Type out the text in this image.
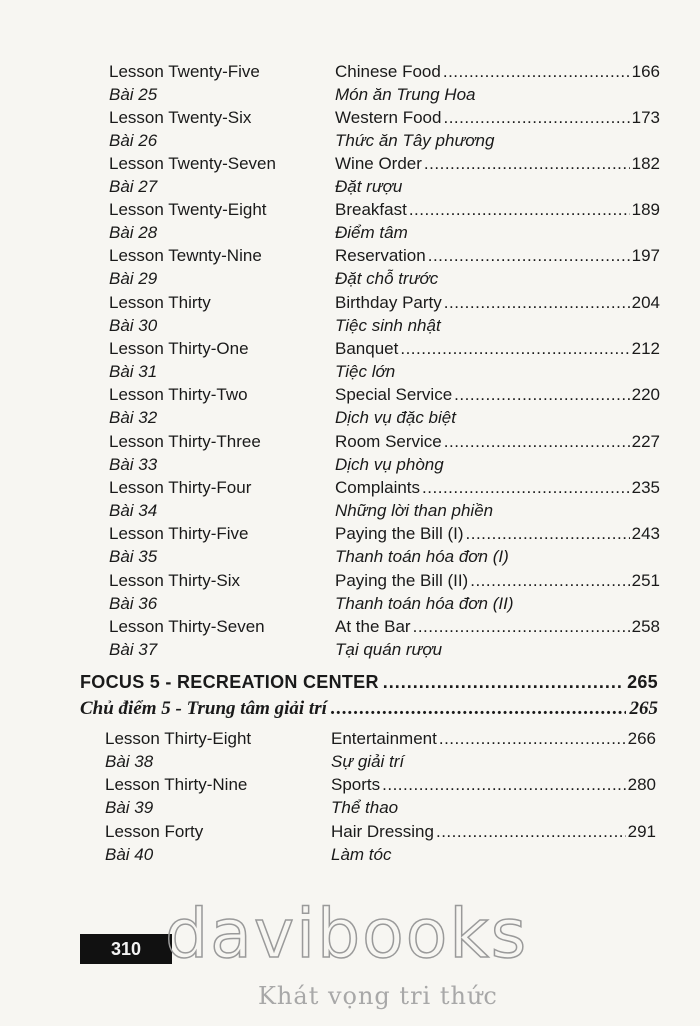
Lesson Twenty-Five	Chinese Food .....	166
Bài 25	Món ăn Trung Hoa
Lesson Twenty-Six	Western Food .....	173
Bài 26	Thức ăn Tây phương
Lesson Twenty-Seven	Wine Order .....	182
Bài 27	Đặt rượu
Lesson Twenty-Eight	Breakfast .....	189
Bài 28	Điểm tâm
Lesson Tewnty-Nine	Reservation .....	197
Bài 29	Đặt chỗ trước
Lesson Thirty	Birthday Party .....	204
Bài 30	Tiệc sinh nhật
Lesson Thirty-One	Banquet .....	212
Bài 31	Tiệc lớn
Lesson Thirty-Two	Special Service .....	220
Bài 32	Dịch vụ đặc biệt
Lesson Thirty-Three	Room Service .....	227
Bài 33	Dịch vụ phòng
Lesson Thirty-Four	Complaints .....	235
Bài 34	Những lời than phiền
Lesson Thirty-Five	Paying the Bill (I) .....	243
Bài 35	Thanh toán hóa đơn (I)
Lesson Thirty-Six	Paying the Bill (II) .....	251
Bài 36	Thanh toán hóa đơn (II)
Lesson Thirty-Seven	At the Bar .....	258
Bài 37	Tại quán rượu
FOCUS 5 - RECREATION CENTER .....	265
Chủ điểm 5 - Trung tâm giải trí .....	265
Lesson Thirty-Eight	Entertainment .....	266
Bài 38	Sự giải trí
Lesson Thirty-Nine	Sports .....	280
Bài 39	Thể thao
Lesson Forty	Hair Dressing .....	291
Bài 40	Làm tóc
310 davibooks
Khát vọng tri thức
